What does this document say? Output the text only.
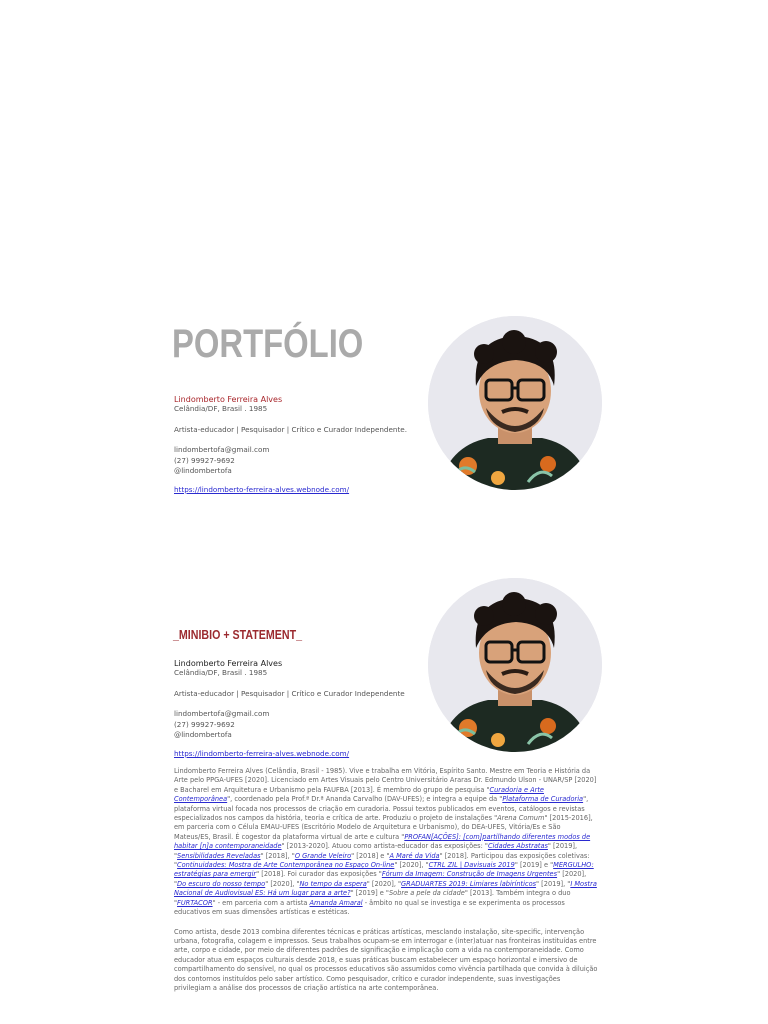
PORTFÓLIO
Lindomberto Ferreira Alves
Celândia/DF, Brasil . 1985
Artista-educador | Pesquisador | Crítico e Curador Independente.
lindombertofa@gmail.com
(27) 99927-9692
@lindombertofa
https://lindomberto-ferreira-alves.webnode.com/
_MINIBIO + STATEMENT_
Lindomberto Ferreira Alves
Celândia/DF, Brasil . 1985
Artista-educador | Pesquisador | Crítico e Curador Independente
lindombertofa@gmail.com
(27) 99927-9692
@lindombertofa
https://lindomberto-ferreira-alves.webnode.com/

Lindomberto Ferreira Alves (Celândia, Brasil - 1985). Vive e trabalha em Vitória, Espírito Santo. Mestre em Teoria e História da Arte pelo PPGA-UFES [2020]. Licenciado em Artes Visuais pelo Centro Universitário Araras Dr. Edmundo Ulson - UNAR/SP [2020] e Bacharel em Arquitetura e Urbanismo pela FAUFBA [2013]. É membro do grupo de pesquisa "Curadoria e Arte Contemporânea", coordenado pela Prof.ª Dr.ª Ananda Carvalho (DAV-UFES); e integra a equipe da "Plataforma de Curadoria", plataforma virtual focada nos processos de criação em curadoria. Possui textos publicados em eventos, catálogos e revistas especializados nos campos da história, teoria e crítica de arte. Produziu o projeto de instalações "Arena Comum" [2015-2016], em parceria com o Célula EMAU-UFES (Escritório Modelo de Arquitetura e Urbanismo), do DEA-UFES, Vitória/Es e São Mateus/ES, Brasil. É cogestor da plataforma virtual de arte e cultura "PROFAN[AÇÕES]: [com]partilhando diferentes modos de habitar [n]a contemporaneidade" [2013-2020]. Atuou como artista-educador das exposições: "Cidades Abstratas" [2019], "Sensibilidades Reveladas" [2018], "O Grande Veleiro" [2018] e "A Maré da Vida" [2018]. Participou das exposições coletivas: "Continuidades: Mostra de Arte Contemporânea no Espaço On-line" [2020], "CTRL ZIL | Davisuais 2019" [2019] e "MERGULHO: estratégias para emergir" [2018]. Foi curador das exposições "Fórum da Imagem: Construção de Imagens Urgentes" [2020], "Do escuro do nosso tempo" [2020], "No tempo da espera" [2020], "GRADUARTES 2019: Limiares labirínticos" [2019], "I Mostra Nacional de Audiovisual ES: Há um lugar para a arte?" [2019] e "Sobre a pele da cidade" [2013]. Também integra o duo "FURTACOR" - em parceria com a artista Amanda Amaral - âmbito no qual se investiga e se experimenta os processos educativos em suas dimensões artísticas e estéticas.

Como artista, desde 2013 combina diferentes técnicas e práticas artísticas, mesclando instalação, site-specific, intervenção urbana, fotografia, colagem e impressos. Seus trabalhos ocupam-se em interrogar e (inter)atuar nas fronteiras instituídas entre arte, corpo e cidade, por meio de diferentes padrões de significação e implicação com a vida na contemporaneidade. Como educador atua em espaços culturais desde 2018, e suas práticas buscam estabelecer um espaço horizontal e imersivo de compartilhamento do sensível, no qual os processos educativos são assumidos como vivência partilhada que convida à diluição dos contornos instituídos pelo saber artístico. Como pesquisador, crítico e curador independente, suas investigações privilegiam a análise dos processos de criação artística na arte contemporânea.
